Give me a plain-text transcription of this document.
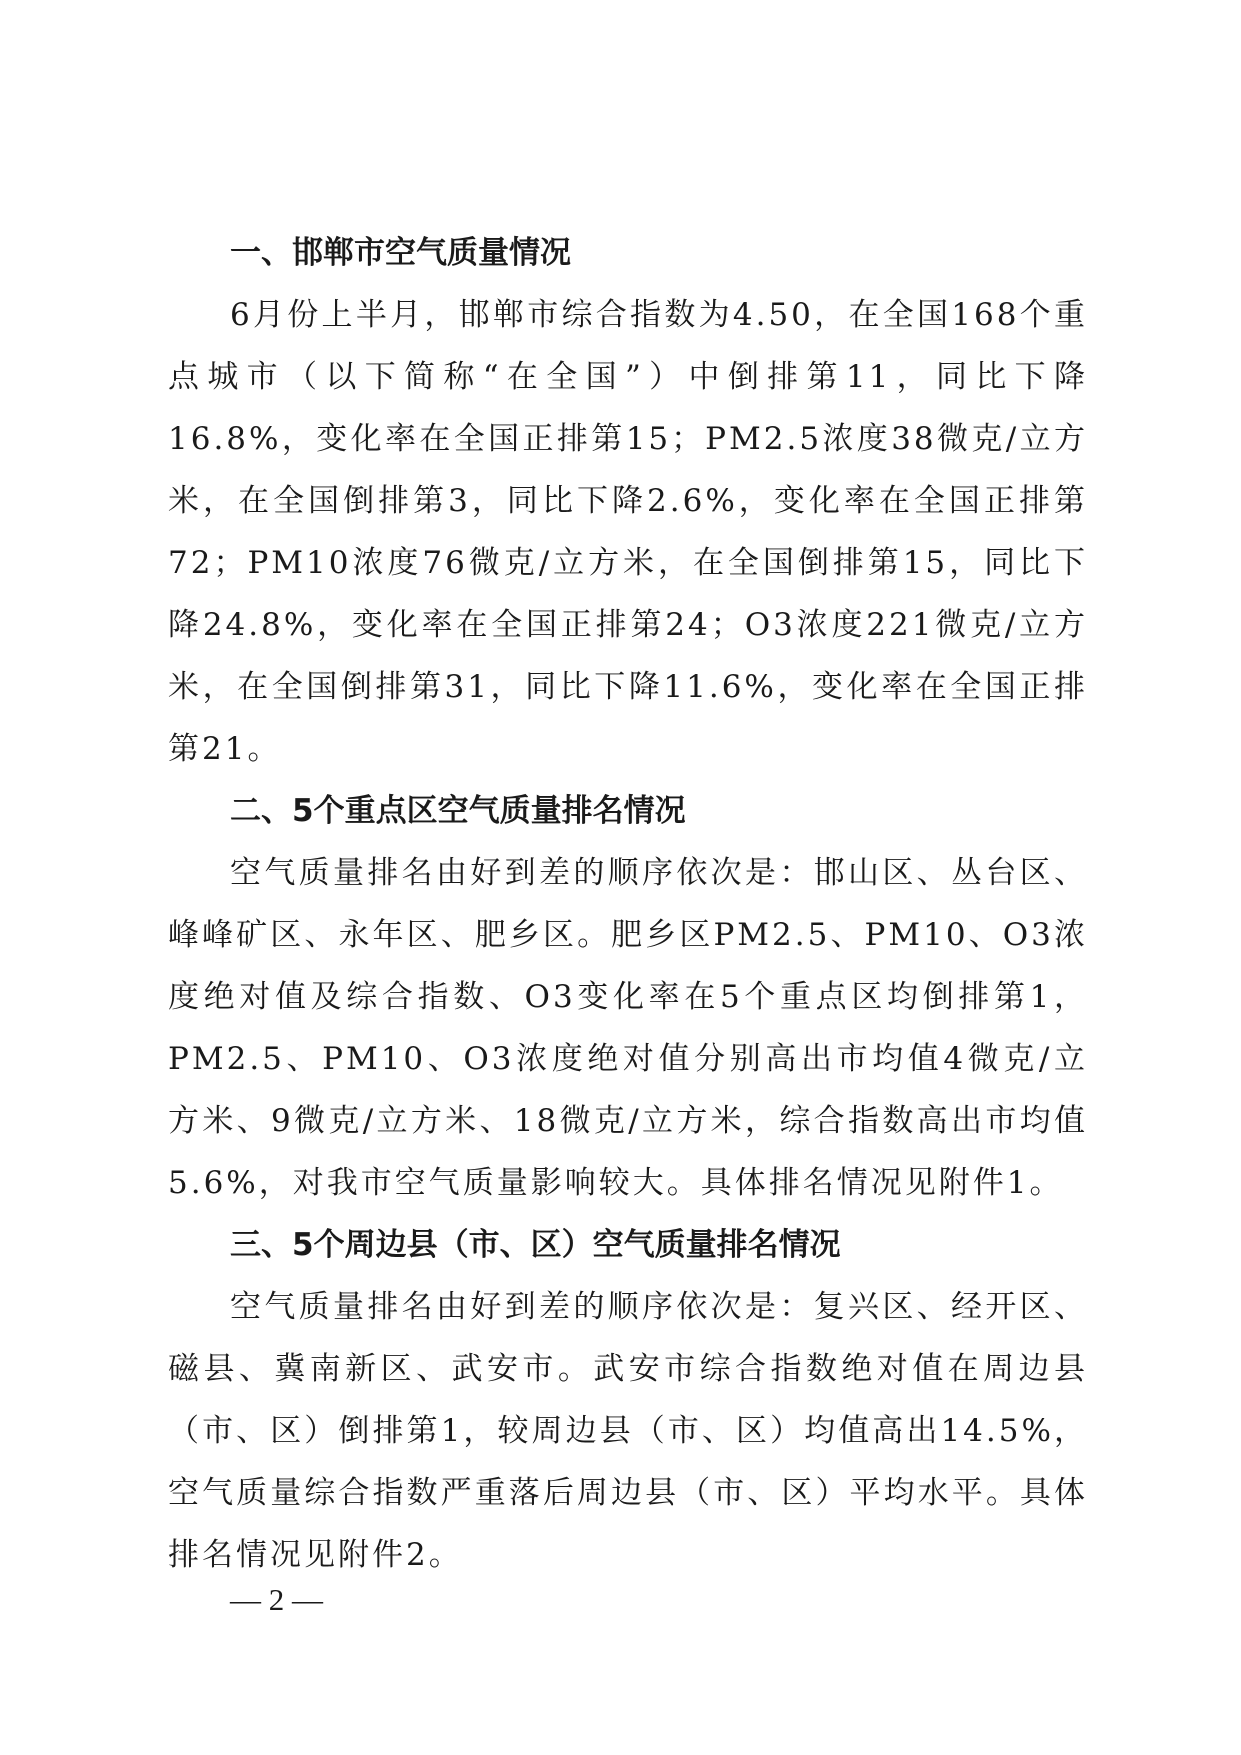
一、邯郸市空气质量情况

6月份上半月，邯郸市综合指数为4.50，在全国168个重点城市（以下简称“在全国”）中倒排第11，同比下降16.8%，变化率在全国正排第15；PM2.5浓度38微克/立方米，在全国倒排第3，同比下降2.6%，变化率在全国正排第72；PM10浓度76微克/立方米，在全国倒排第15，同比下降24.8%，变化率在全国正排第24；O3浓度221微克/立方米，在全国倒排第31，同比下降11.6%，变化率在全国正排第21。

二、5个重点区空气质量排名情况

空气质量排名由好到差的顺序依次是：邯山区、丛台区、峰峰矿区、永年区、肥乡区。肥乡区PM2.5、PM10、O3浓度绝对值及综合指数、O3变化率在5个重点区均倒排第1，PM2.5、PM10、O3浓度绝对值分别高出市均值4微克/立方米、9微克/立方米、18微克/立方米，综合指数高出市均值5.6%，对我市空气质量影响较大。具体排名情况见附件1。

三、5个周边县（市、区）空气质量排名情况

空气质量排名由好到差的顺序依次是：复兴区、经开区、磁县、冀南新区、武安市。武安市综合指数绝对值在周边县（市、区）倒排第1，较周边县（市、区）均值高出14.5%，空气质量综合指数严重落后周边县（市、区）平均水平。具体排名情况见附件2。

— 2 —
